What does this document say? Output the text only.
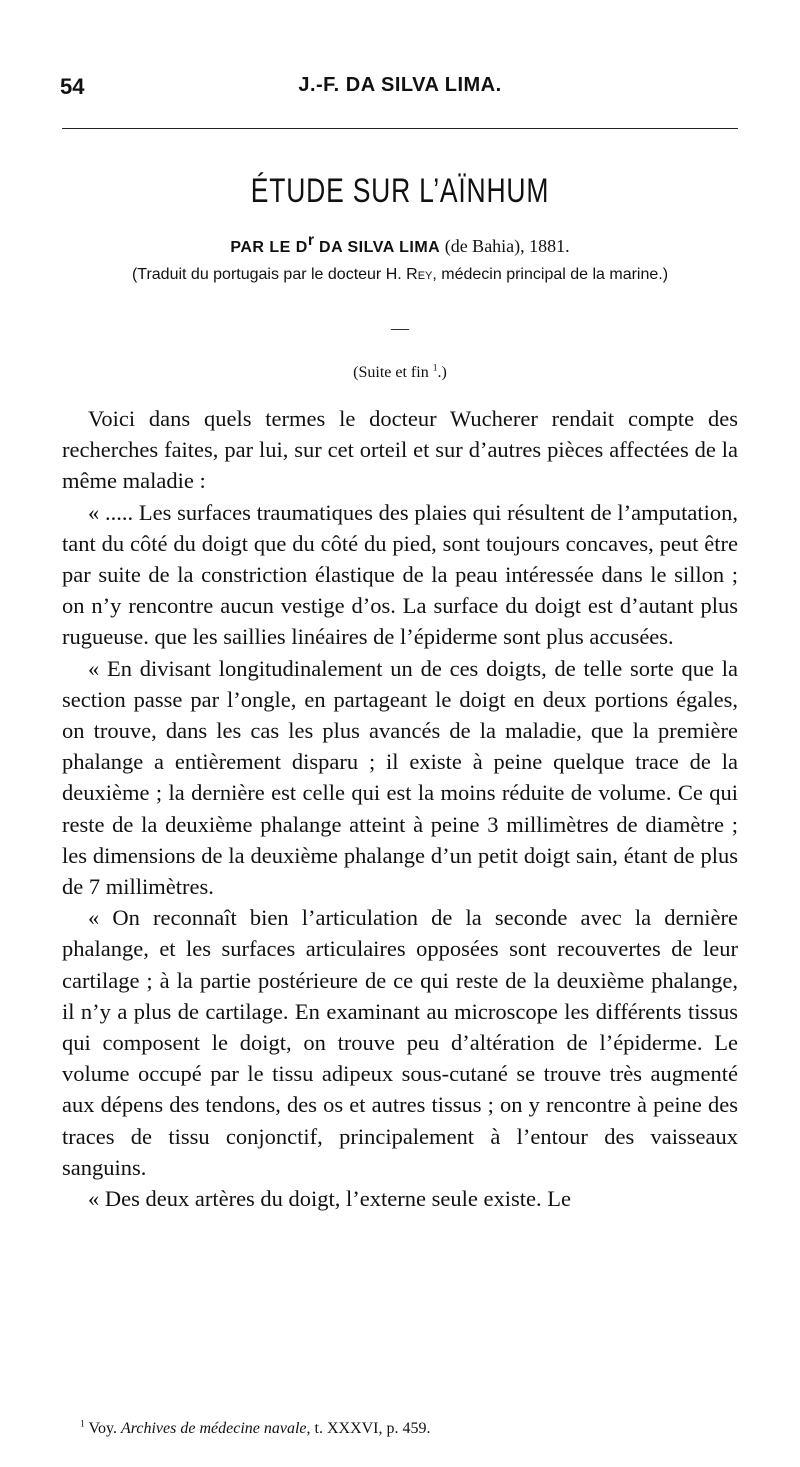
54	J.-F. DA SILVA LIMA.
ÉTUDE SUR L’AÏNHUM
PAR LE $D^r$ DA SILVA LIMA (de Bahia), 1881.
(Traduit du portugais par le docteur H. Rey, médecin principal de la marine.)
—
(Suite et fin $^1$.)

Voici dans quels termes le docteur Wucherer rendait compte des recherches faites, par lui, sur cet orteil et sur d’autres pièces affectées de la même maladie :

« ..... Les surfaces traumatiques des plaies qui résultent de l’amputation, tant du côté du doigt que du côté du pied, sont toujours concaves, peut être par suite de la constriction élastique de la peau intéressée dans le sillon ; on n’y rencontre aucun vestige d’os. La surface du doigt est d’autant plus rugueuse. que les saillies linéaires de l’épiderme sont plus accusées.

« En divisant longitudinalement un de ces doigts, de telle sorte que la section passe par l’ongle, en partageant le doigt en deux portions égales, on trouve, dans les cas les plus avancés de la maladie, que la première phalange a entièrement disparu ; il existe à peine quelque trace de la deuxième ; la dernière est celle qui est la moins réduite de volume. Ce qui reste de la deuxième phalange atteint à peine 3 millimètres de diamètre ; les dimensions de la deuxième phalange d’un petit doigt sain, étant de plus de 7 millimètres.

« On reconnaît bien l’articulation de la seconde avec la dernière phalange, et les surfaces articulaires opposées sont recouvertes de leur cartilage ; à la partie postérieure de ce qui reste de la deuxième phalange, il n’y a plus de cartilage. En examinant au microscope les différents tissus qui composent le doigt, on trouve peu d’altération de l’épiderme. Le volume occupé par le tissu adipeux sous-cutané se trouve très augmenté aux dépens des tendons, des os et autres tissus ; on y rencontre à peine des traces de tissu conjonctif, principalement à l’entour des vaisseaux sanguins.

« Des deux artères du doigt, l’externe seule existe. Le

$^1$ Voy. Archives de médecine navale, t. XXXVI, p. 459.
